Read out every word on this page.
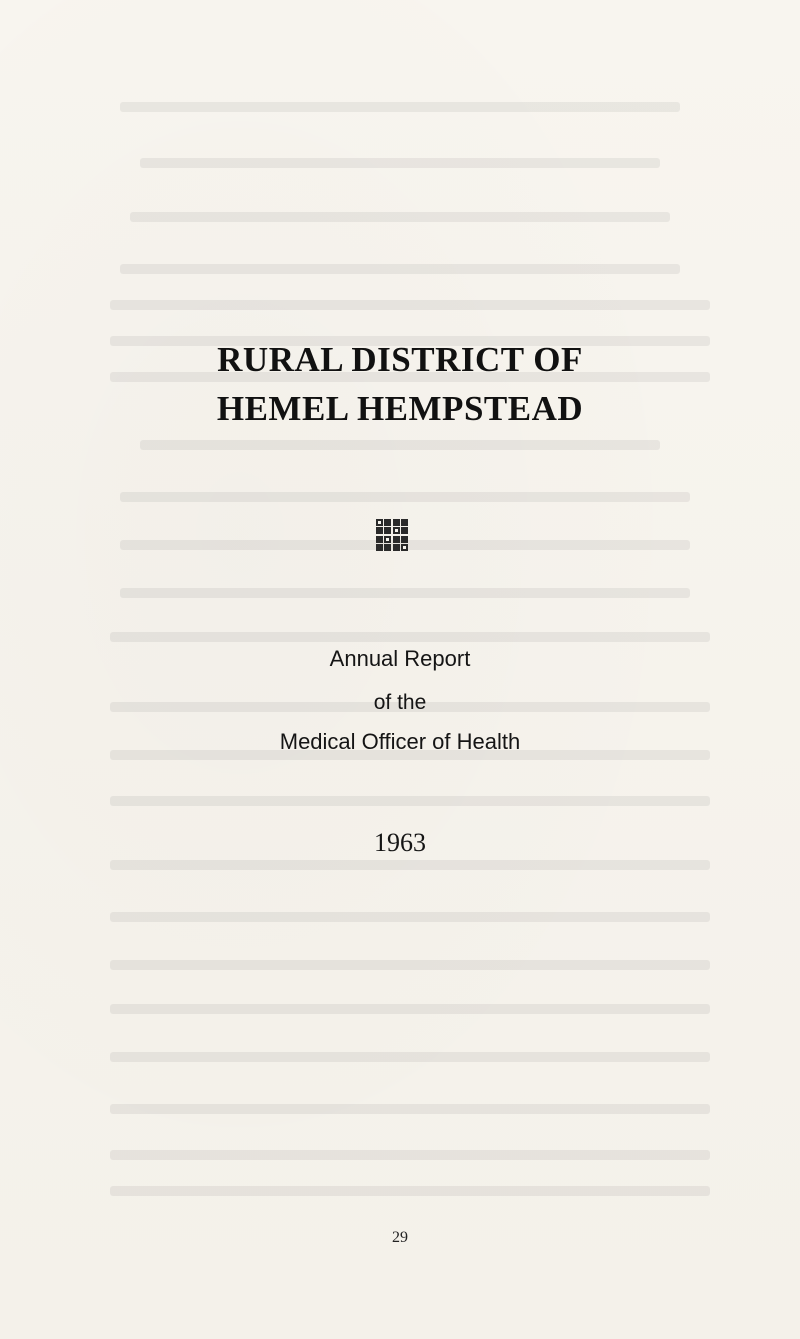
RURAL DISTRICT OF
HEMEL HEMPSTEAD
Annual Report
of the
Medical Officer of Health
1963
29
